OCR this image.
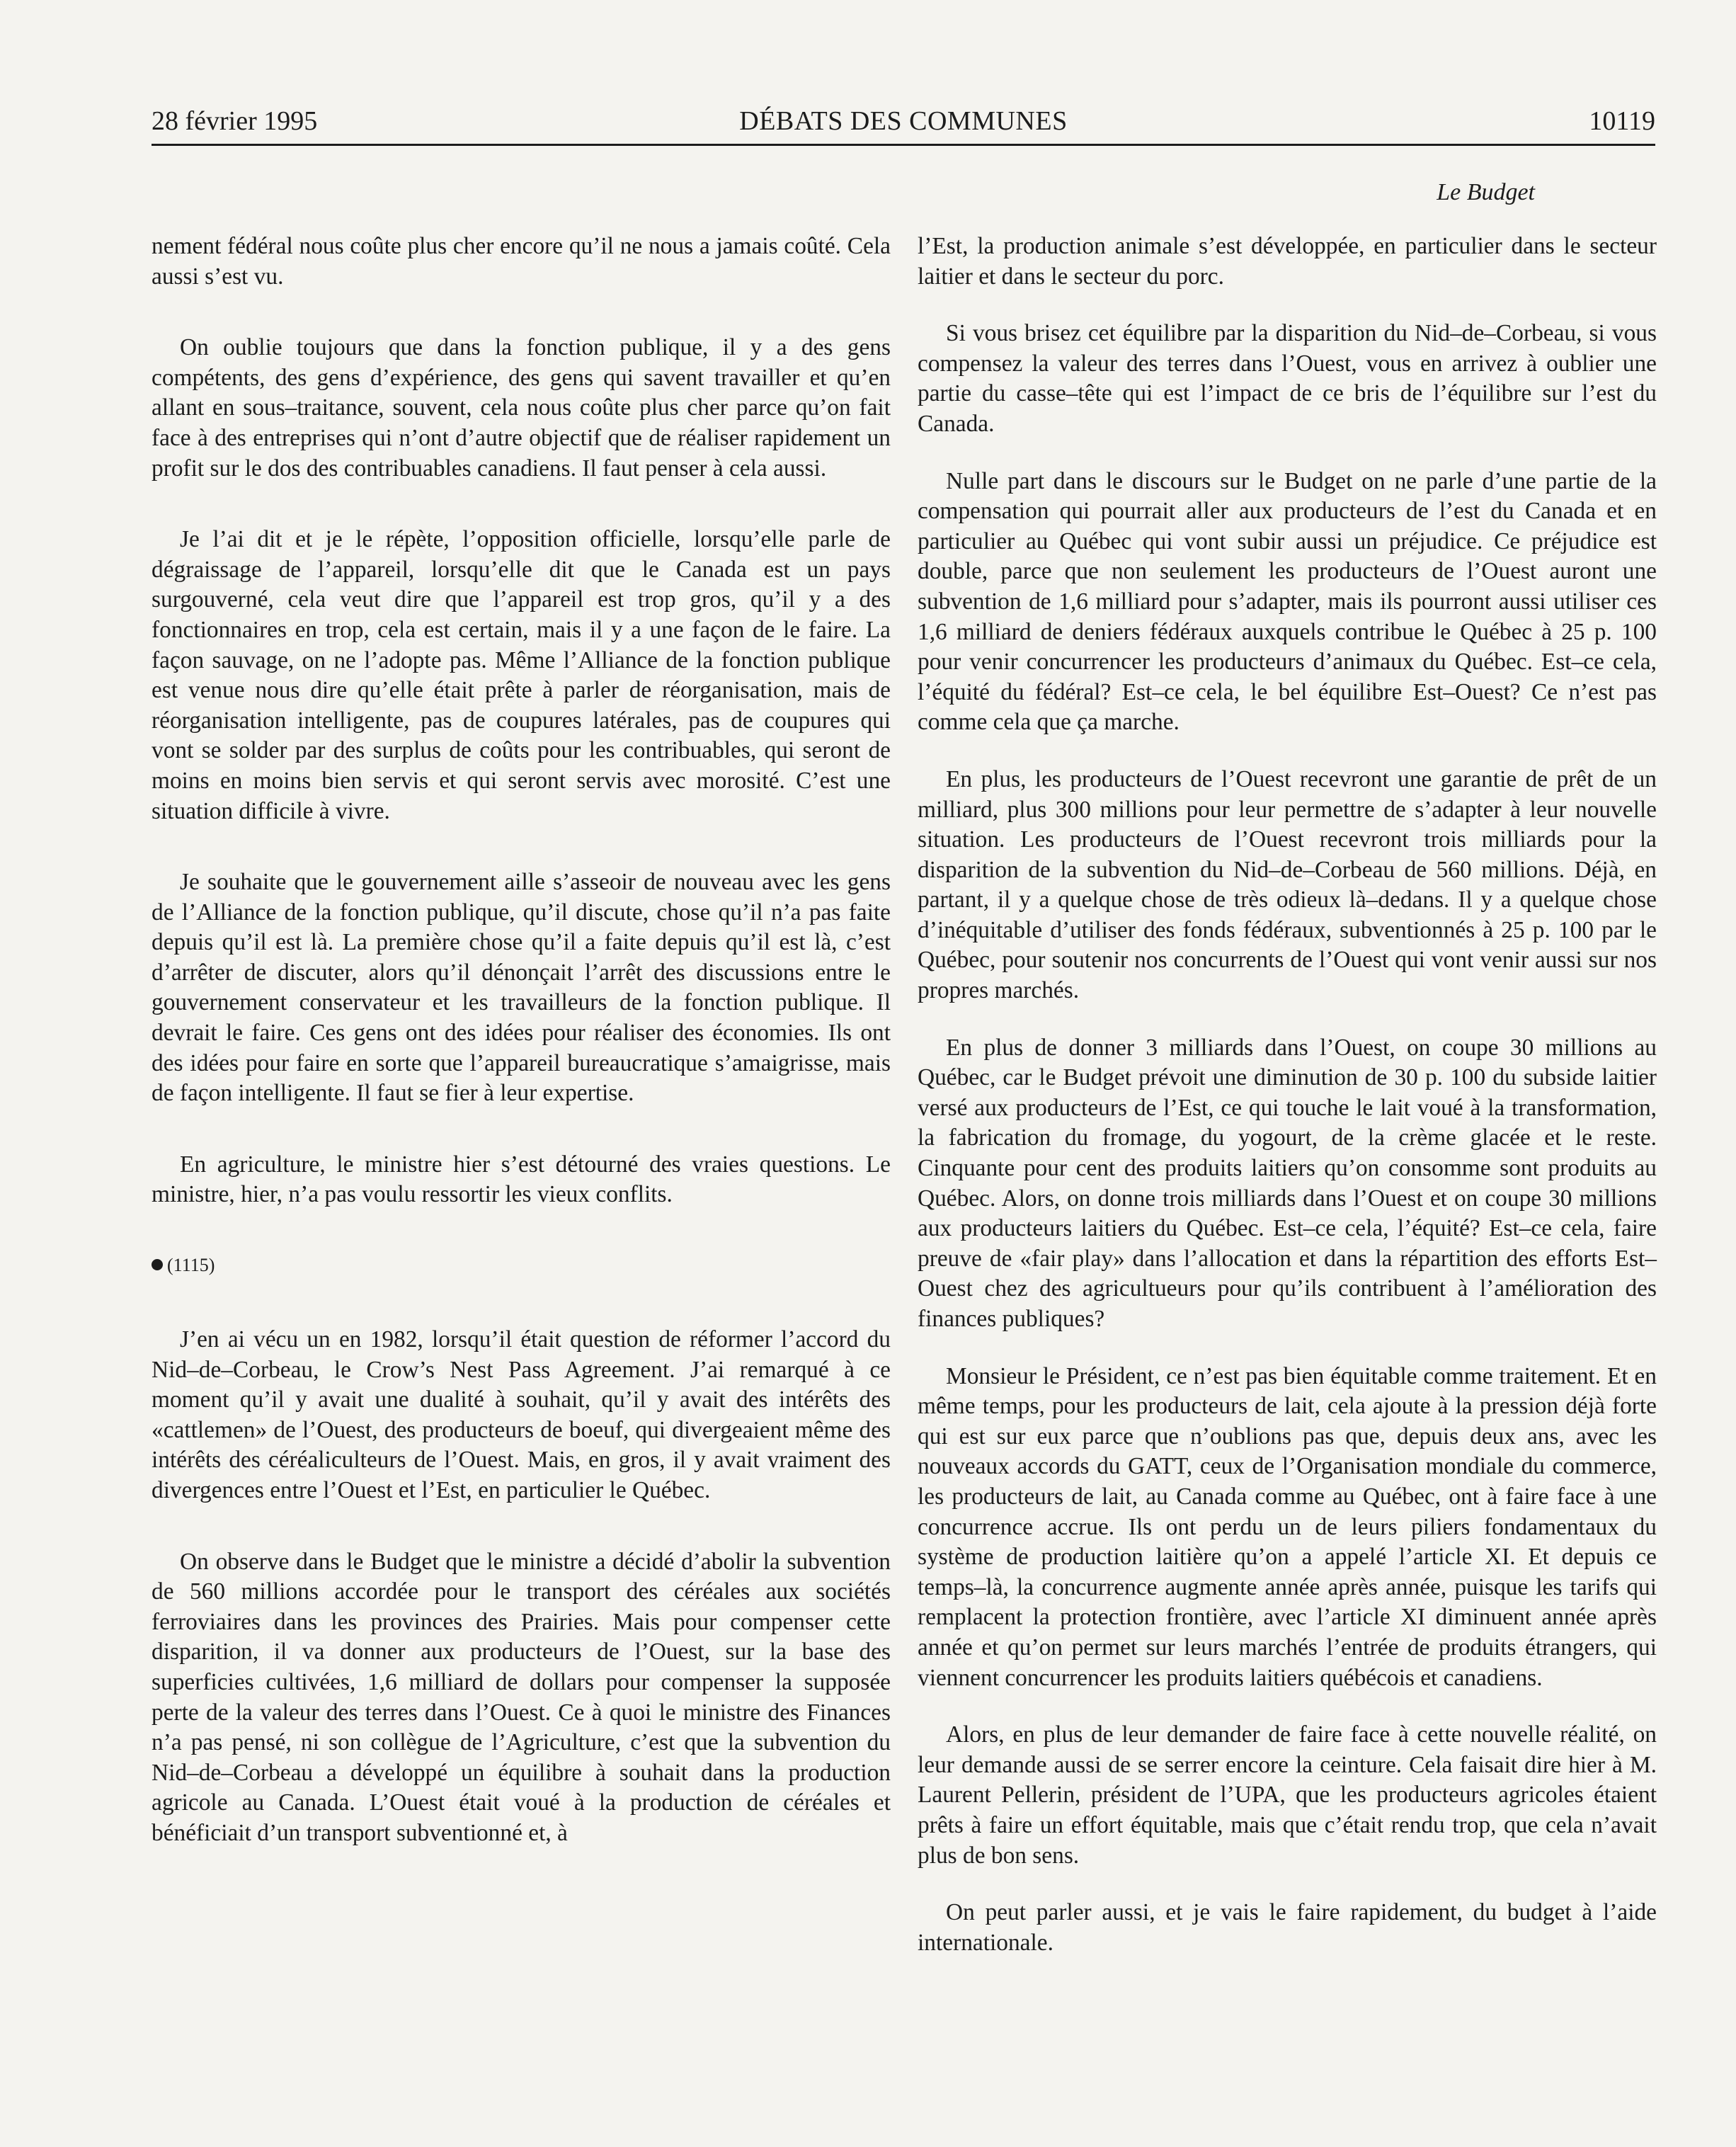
28 février 1995	DÉBATS DES COMMUNES	10119
Le Budget

nement fédéral nous coûte plus cher encore qu’il ne nous a jamais coûté. Cela aussi s’est vu.

On oublie toujours que dans la fonction publique, il y a des gens compétents, des gens d’expérience, des gens qui savent travailler et qu’en allant en sous–traitance, souvent, cela nous coûte plus cher parce qu’on fait face à des entreprises qui n’ont d’autre objectif que de réaliser rapidement un profit sur le dos des contribuables canadiens. Il faut penser à cela aussi.

Je l’ai dit et je le répète, l’opposition officielle, lorsqu’elle parle de dégraissage de l’appareil, lorsqu’elle dit que le Canada est un pays surgouverné, cela veut dire que l’appareil est trop gros, qu’il y a des fonctionnaires en trop, cela est certain, mais il y a une façon de le faire. La façon sauvage, on ne l’adopte pas. Même l’Alliance de la fonction publique est venue nous dire qu’elle était prête à parler de réorganisation, mais de réorganisation intelligente, pas de coupures latérales, pas de coupures qui vont se solder par des surplus de coûts pour les contribuables, qui seront de moins en moins bien servis et qui seront servis avec morosité. C’est une situation difficile à vivre.

Je souhaite que le gouvernement aille s’asseoir de nouveau avec les gens de l’Alliance de la fonction publique, qu’il discute, chose qu’il n’a pas faite depuis qu’il est là. La première chose qu’il a faite depuis qu’il est là, c’est d’arrêter de discuter, alors qu’il dénonçait l’arrêt des discussions entre le gouvernement conservateur et les travailleurs de la fonction publique. Il devrait le faire. Ces gens ont des idées pour réaliser des économies. Ils ont des idées pour faire en sorte que l’appareil bureaucratique s’amaigrisse, mais de façon intelligente. Il faut se fier à leur expertise.

En agriculture, le ministre hier s’est détourné des vraies questions. Le ministre, hier, n’a pas voulu ressortir les vieux conflits.

(1115)

J’en ai vécu un en 1982, lorsqu’il était question de réformer l’accord du Nid–de–Corbeau, le Crow’s Nest Pass Agreement. J’ai remarqué à ce moment qu’il y avait une dualité à souhait, qu’il y avait des intérêts des «cattlemen» de l’Ouest, des producteurs de boeuf, qui divergeaient même des intérêts des céréaliculteurs de l’Ouest. Mais, en gros, il y avait vraiment des divergences entre l’Ouest et l’Est, en particulier le Québec.

On observe dans le Budget que le ministre a décidé d’abolir la subvention de 560 millions accordée pour le transport des céréales aux sociétés ferroviaires dans les provinces des Prairies. Mais pour compenser cette disparition, il va donner aux producteurs de l’Ouest, sur la base des superficies cultivées, 1,6 milliard de dollars pour compenser la supposée perte de la valeur des terres dans l’Ouest. Ce à quoi le ministre des Finances n’a pas pensé, ni son collègue de l’Agriculture, c’est que la subvention du Nid–de–Corbeau a développé un équilibre à souhait dans la production agricole au Canada. L’Ouest était voué à la production de céréales et bénéficiait d’un transport subventionné et, à

l’Est, la production animale s’est développée, en particulier dans le secteur laitier et dans le secteur du porc.

Si vous brisez cet équilibre par la disparition du Nid–de–Corbeau, si vous compensez la valeur des terres dans l’Ouest, vous en arrivez à oublier une partie du casse–tête qui est l’impact de ce bris de l’équilibre sur l’est du Canada.

Nulle part dans le discours sur le Budget on ne parle d’une partie de la compensation qui pourrait aller aux producteurs de l’est du Canada et en particulier au Québec qui vont subir aussi un préjudice. Ce préjudice est double, parce que non seulement les producteurs de l’Ouest auront une subvention de 1,6 milliard pour s’adapter, mais ils pourront aussi utiliser ces 1,6 milliard de deniers fédéraux auxquels contribue le Québec à 25 p. 100 pour venir concurrencer les producteurs d’animaux du Québec. Est–ce cela, l’équité du fédéral? Est–ce cela, le bel équilibre Est–Ouest? Ce n’est pas comme cela que ça marche.

En plus, les producteurs de l’Ouest recevront une garantie de prêt de un milliard, plus 300 millions pour leur permettre de s’adapter à leur nouvelle situation. Les producteurs de l’Ouest recevront trois milliards pour la disparition de la subvention du Nid–de–Corbeau de 560 millions. Déjà, en partant, il y a quelque chose de très odieux là–dedans. Il y a quelque chose d’inéquitable d’utiliser des fonds fédéraux, subventionnés à 25 p. 100 par le Québec, pour soutenir nos concurrents de l’Ouest qui vont venir aussi sur nos propres marchés.

En plus de donner 3 milliards dans l’Ouest, on coupe 30 millions au Québec, car le Budget prévoit une diminution de 30 p. 100 du subside laitier versé aux producteurs de l’Est, ce qui touche le lait voué à la transformation, la fabrication du fromage, du yogourt, de la crème glacée et le reste. Cinquante pour cent des produits laitiers qu’on consomme sont produits au Québec. Alors, on donne trois milliards dans l’Ouest et on coupe 30 millions aux producteurs laitiers du Québec. Est–ce cela, l’équité? Est–ce cela, faire preuve de «fair play» dans l’allocation et dans la répartition des efforts Est–Ouest chez des agricultueurs pour qu’ils contribuent à l’amélioration des finances publiques?

Monsieur le Président, ce n’est pas bien équitable comme traitement. Et en même temps, pour les producteurs de lait, cela ajoute à la pression déjà forte qui est sur eux parce que n’oublions pas que, depuis deux ans, avec les nouveaux accords du GATT, ceux de l’Organisation mondiale du commerce, les producteurs de lait, au Canada comme au Québec, ont à faire face à une concurrence accrue. Ils ont perdu un de leurs piliers fondamentaux du système de production laitière qu’on a appelé l’article XI. Et depuis ce temps–là, la concurrence augmente année après année, puisque les tarifs qui remplacent la protection frontière, avec l’article XI diminuent année après année et qu’on permet sur leurs marchés l’entrée de produits étrangers, qui viennent concurrencer les produits laitiers québécois et canadiens.

Alors, en plus de leur demander de faire face à cette nouvelle réalité, on leur demande aussi de se serrer encore la ceinture. Cela faisait dire hier à M. Laurent Pellerin, président de l’UPA, que les producteurs agricoles étaient prêts à faire un effort équitable, mais que c’était rendu trop, que cela n’avait plus de bon sens.

On peut parler aussi, et je vais le faire rapidement, du budget à l’aide internationale.
